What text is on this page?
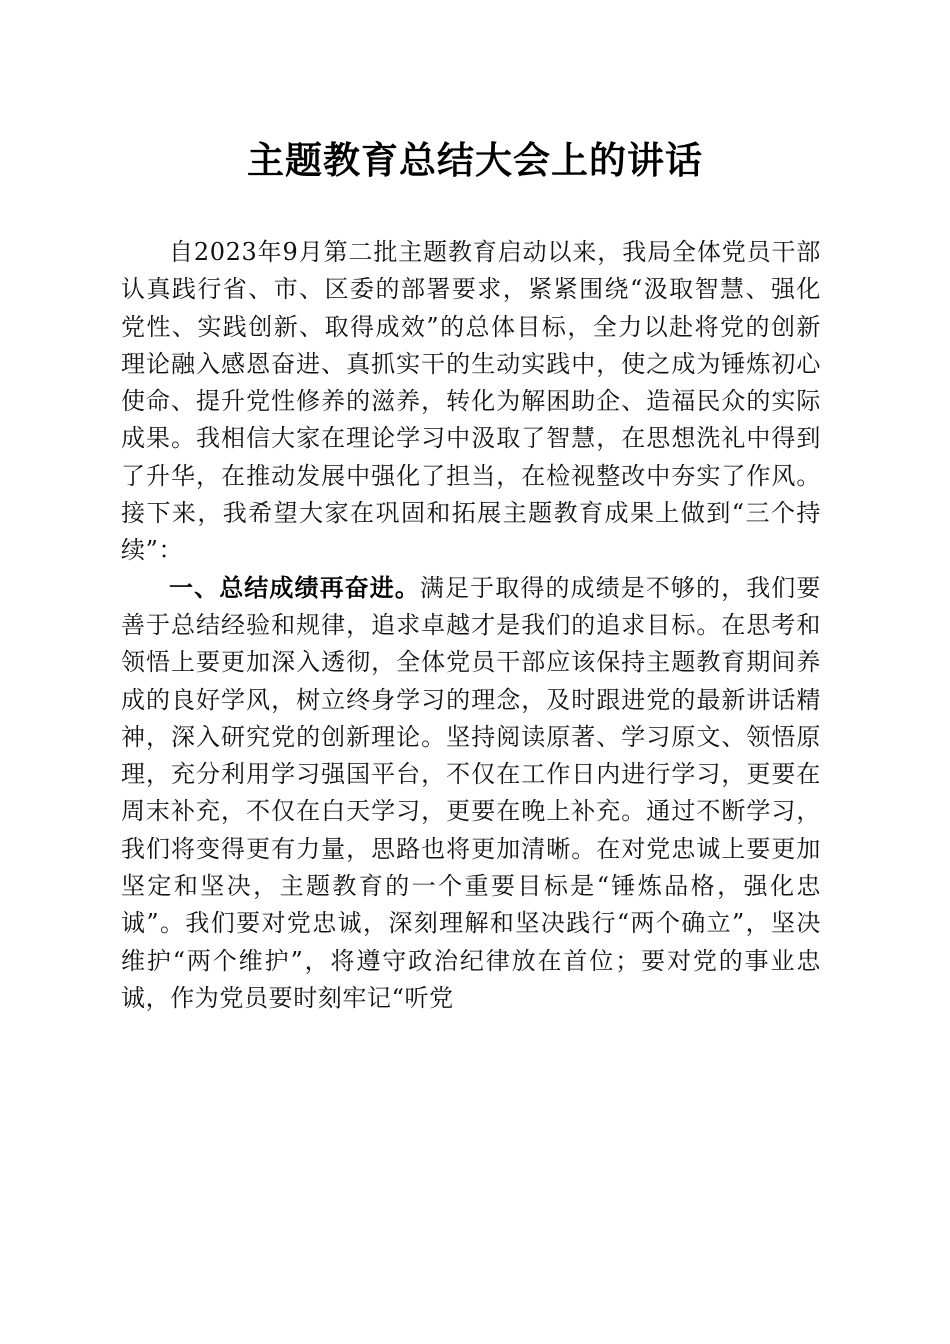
主题教育总结大会上的讲话

自2023年9月第二批主题教育启动以来，我局全体党员干部认真践行省、市、区委的部署要求，紧紧围绕“汲取智慧、强化党性、实践创新、取得成效”的总体目标，全力以赴将党的创新理论融入感恩奋进、真抓实干的生动实践中，使之成为锤炼初心使命、提升党性修养的滋养，转化为解困助企、造福民众的实际成果。我相信大家在理论学习中汲取了智慧，在思想洗礼中得到了升华，在推动发展中强化了担当，在检视整改中夯实了作风。接下来，我希望大家在巩固和拓展主题教育成果上做到“三个持续”：

一、总结成绩再奋进。满足于取得的成绩是不够的，我们要善于总结经验和规律，追求卓越才是我们的追求目标。在思考和领悟上要更加深入透彻，全体党员干部应该保持主题教育期间养成的良好学风，树立终身学习的理念，及时跟进党的最新讲话精神，深入研究党的创新理论。坚持阅读原著、学习原文、领悟原理，充分利用学习强国平台，不仅在工作日内进行学习，更要在周末补充，不仅在白天学习，更要在晚上补充。通过不断学习，我们将变得更有力量，思路也将更加清晰。在对党忠诚上要更加坚定和坚决，主题教育的一个重要目标是“锤炼品格，强化忠诚”。我们要对党忠诚，深刻理解和坚决践行“两个确立”，坚决维护“两个维护”，将遵守政治纪律放在首位；要对党的事业忠诚，作为党员要时刻牢记“听党
